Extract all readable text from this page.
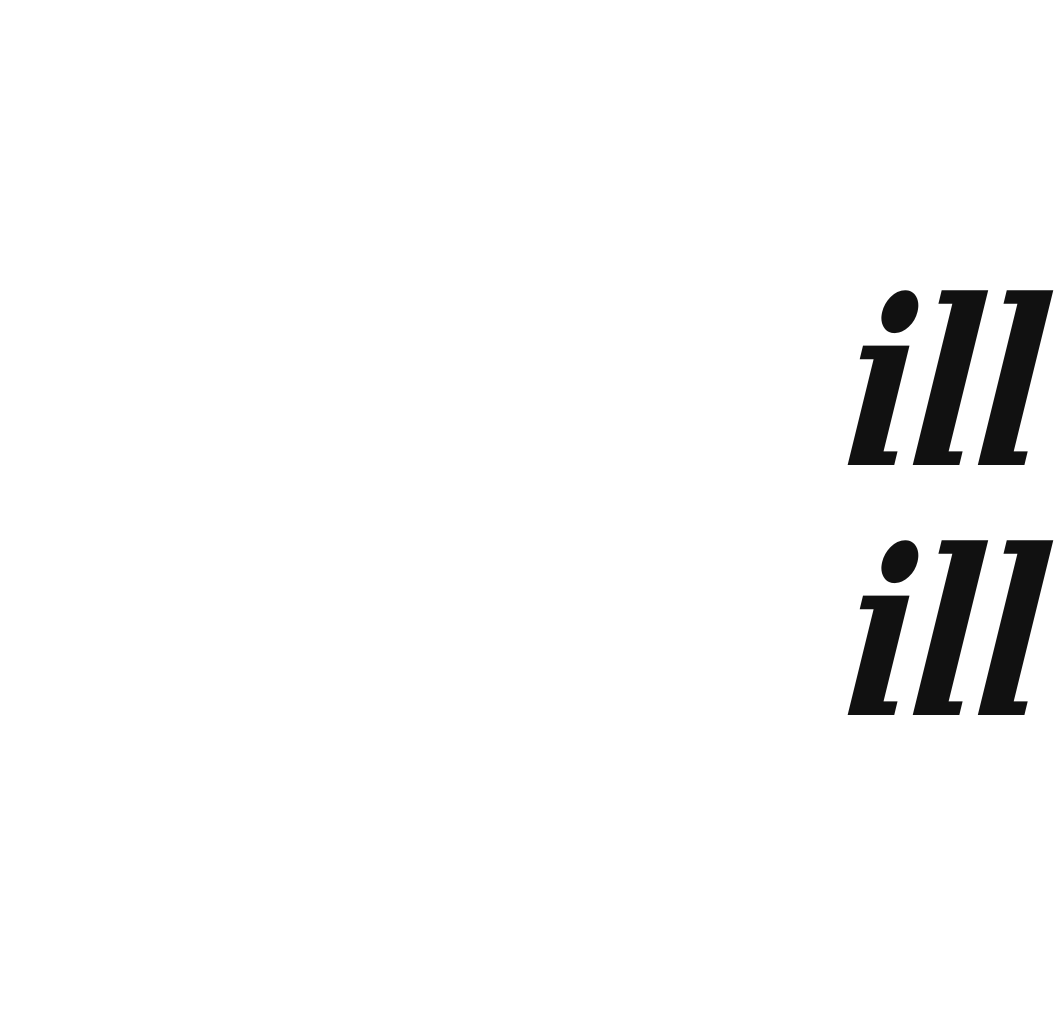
ill

ill
